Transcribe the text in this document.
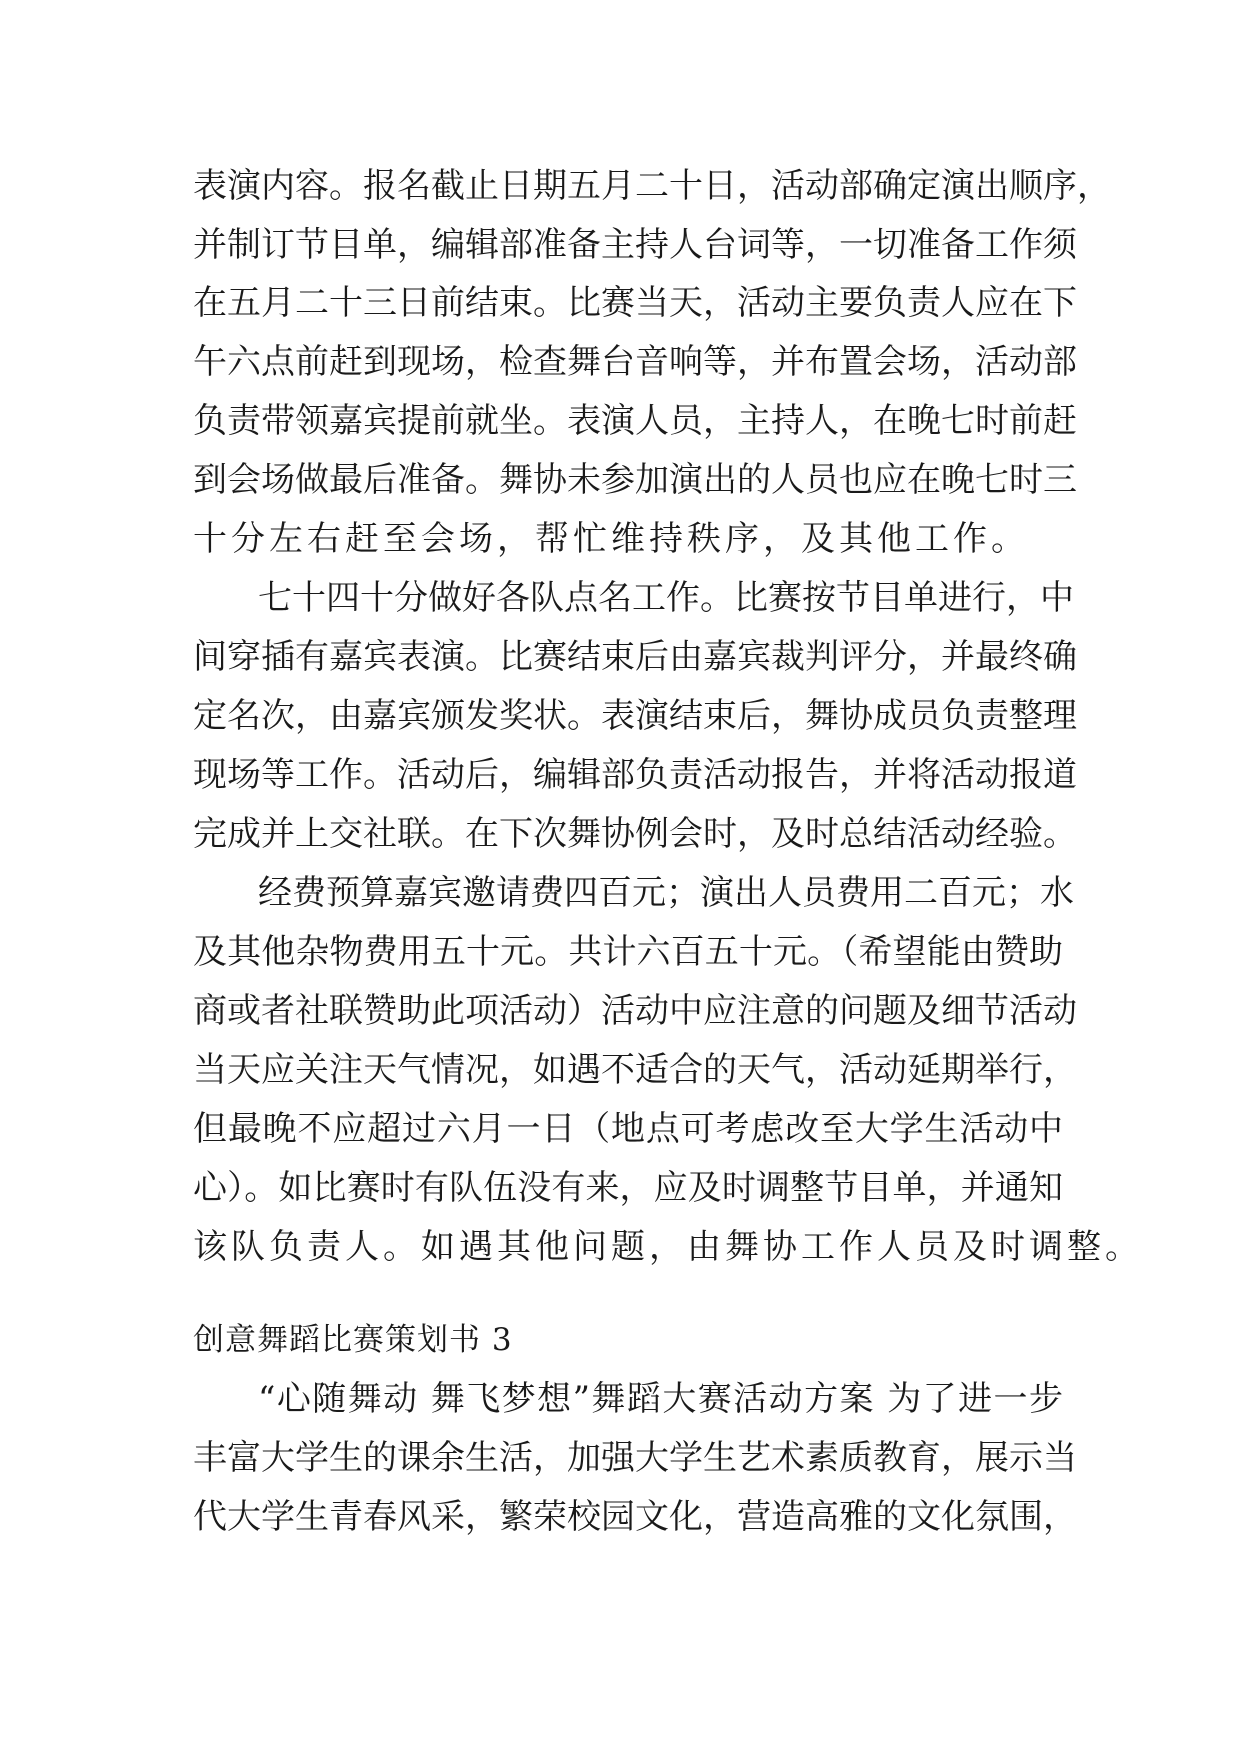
表演内容。报名截止日期五月二十日，活动部确定演出顺序，
并制订节目单，编辑部准备主持人台词等，一切准备工作须
在五月二十三日前结束。比赛当天，活动主要负责人应在下
午六点前赶到现场，检查舞台音响等，并布置会场，活动部
负责带领嘉宾提前就坐。表演人员，主持人，在晚七时前赶
到会场做最后准备。舞协未参加演出的人员也应在晚七时三
十分左右赶至会场，帮忙维持秩序，及其他工作。
七十四十分做好各队点名工作。比赛按节目单进行，中
间穿插有嘉宾表演。比赛结束后由嘉宾裁判评分，并最终确
定名次，由嘉宾颁发奖状。表演结束后，舞协成员负责整理
现场等工作。活动后，编辑部负责活动报告，并将活动报道
完成并上交社联。在下次舞协例会时，及时总结活动经验。
经费预算嘉宾邀请费四百元；演出人员费用二百元；水
及其他杂物费用五十元。共计六百五十元。（希望能由赞助
商或者社联赞助此项活动）活动中应注意的问题及细节活动
当天应关注天气情况，如遇不适合的天气，活动延期举行，
但最晚不应超过六月一日（地点可考虑改至大学生活动中
心）。如比赛时有队伍没有来，应及时调整节目单，并通知
该队负责人。如遇其他问题，由舞协工作人员及时调整。
创意舞蹈比赛策划书 3
“心随舞动 舞飞梦想”舞蹈大赛活动方案 为了进一步
丰富大学生的课余生活，加强大学生艺术素质教育，展示当
代大学生青春风采，繁荣校园文化，营造高雅的文化氛围，
